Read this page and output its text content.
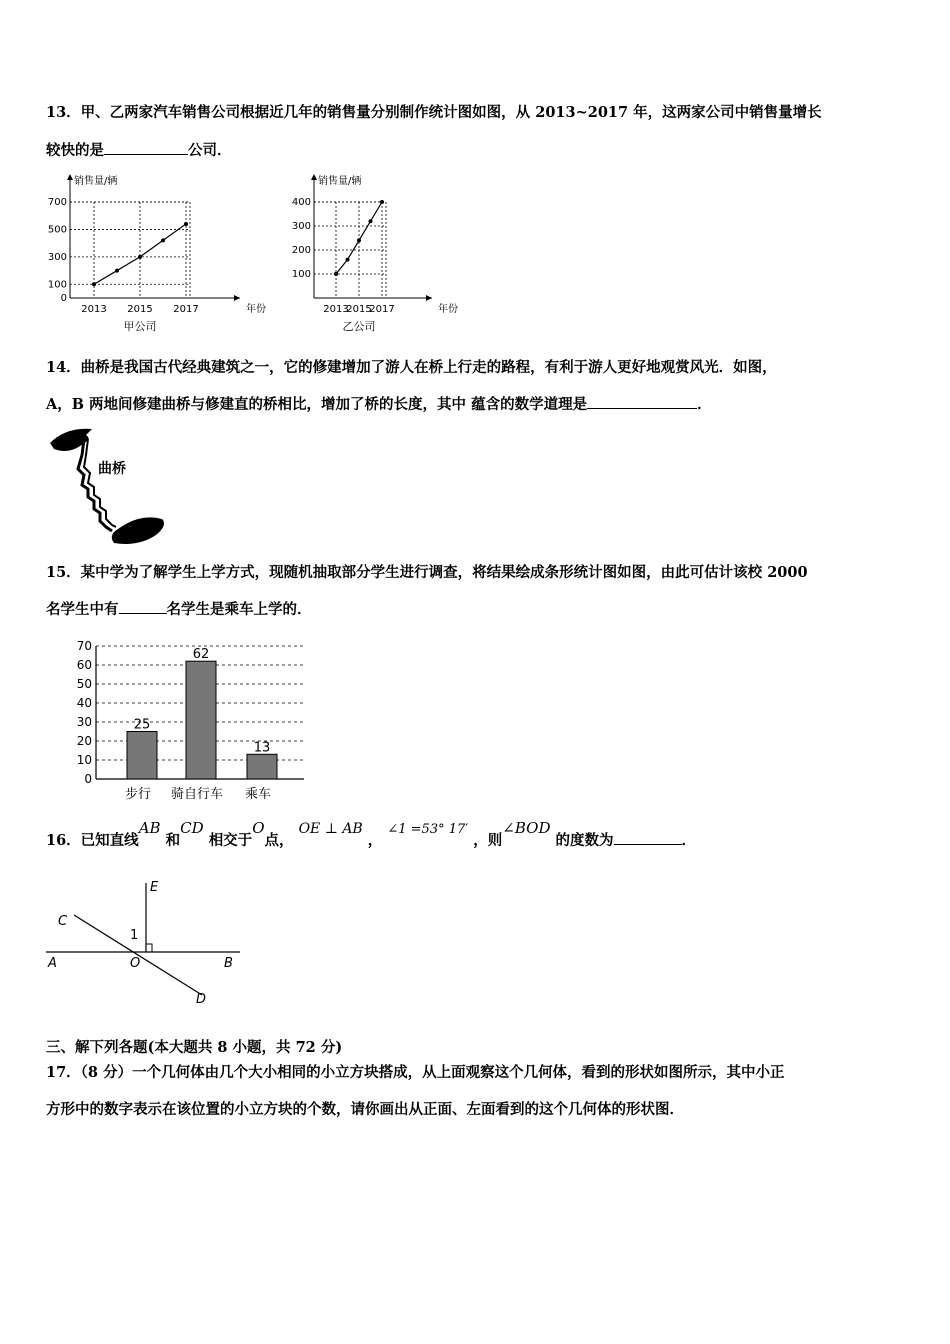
13．甲、乙两家汽车销售公司根据近几年的销售量分别制作统计图如图，从 2013~2017 年，这两家公司中销售量增长
较快的是	公司．
销售量/辆
年份
0
100
300
500
700
2013 2015 2017
甲公司
销售量/辆
年份
100
200
300
400
2013
2015
2017
乙公司
14．曲桥是我国古代经典建筑之一，它的修建增加了游人在桥上行走的路程，有利于游人更好地观赏风光．如图，
A，B 两地间修建曲桥与修建直的桥相比，增加了桥的长度，其中 蕴含的数学道理是	．
曲桥
15．某中学为了解学生上学方式，现随机抽取部分学生进行调查，将结果绘成条形统计图如图，由此可估计该校 2000
名学生中有	名学生是乘车上学的．
0
10
20
30
40
50
60
70
25
步行
62
骑自行车
13
乘车
16．已知直线AB 和CD 相交于O点， OE ⊥ AB ， ∠1 =53° 17′ ，则∠BOD 的度数为	．
E
C
1
A	O	B
D
三、解下列各题(本大题共 8 小题，共 72 分)
17．（8 分）一个几何体由几个大小相同的小立方块搭成，从上面观察这个几何体，看到的形状如图所示，其中小正
方形中的数字表示在该位置的小立方块的个数，请你画出从正面、左面看到的这个几何体的形状图．
